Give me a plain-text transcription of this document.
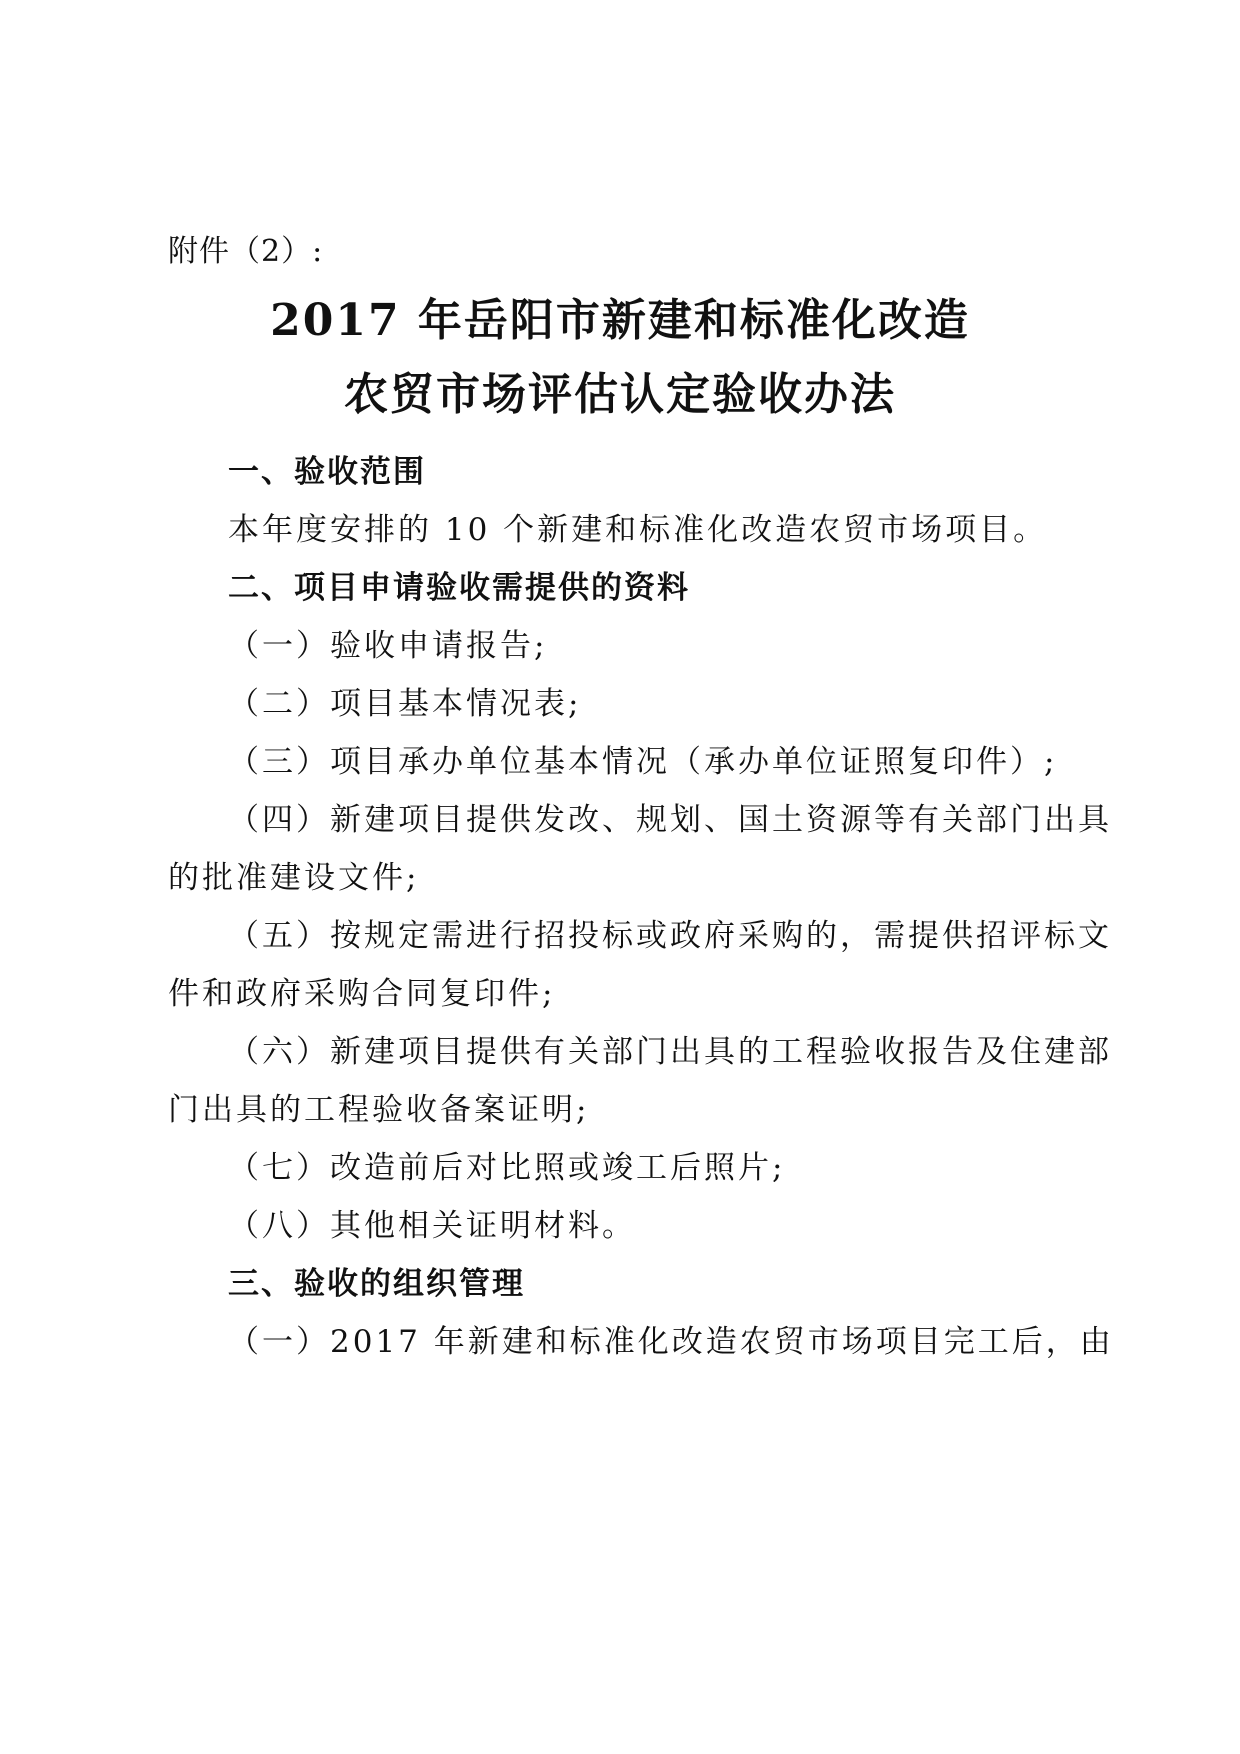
附件（2）:
2017 年岳阳市新建和标准化改造
农贸市场评估认定验收办法
一、验收范围
本年度安排的 10 个新建和标准化改造农贸市场项目。
二、项目申请验收需提供的资料
（一）验收申请报告;
（二）项目基本情况表;
（三）项目承办单位基本情况（承办单位证照复印件）;
（四）新建项目提供发改、规划、国土资源等有关部门出具
的批准建设文件;
（五）按规定需进行招投标或政府采购的，需提供招评标文
件和政府采购合同复印件;
（六）新建项目提供有关部门出具的工程验收报告及住建部
门出具的工程验收备案证明;
（七）改造前后对比照或竣工后照片;
（八）其他相关证明材料。
三、验收的组织管理
（一）2017 年新建和标准化改造农贸市场项目完工后，由
